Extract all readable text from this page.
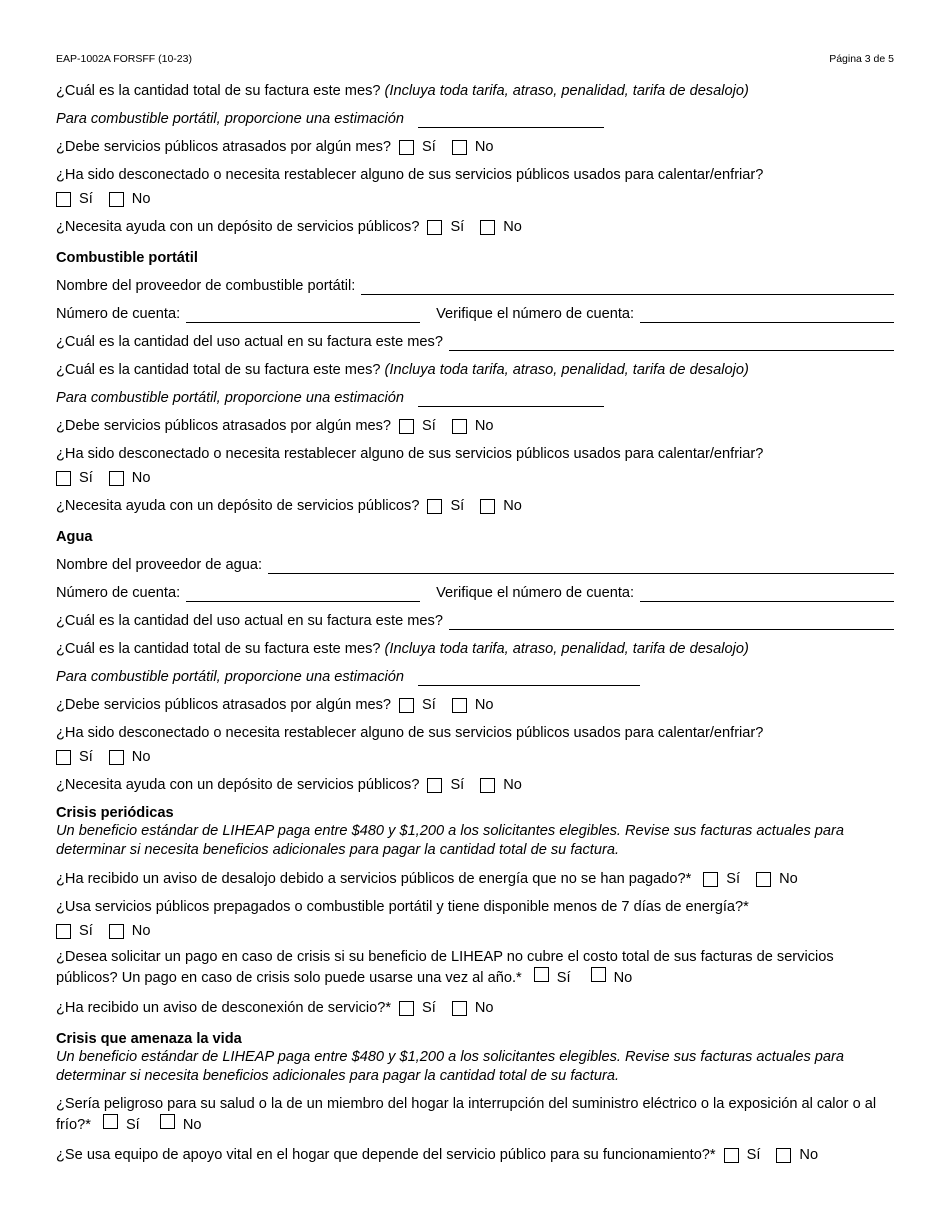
EAP-1002A FORSFF (10-23)	Página 3 de 5
¿Cuál es la cantidad total de su factura este mes?
(Incluya toda tarifa, atraso, penalidad, tarifa de desalojo)
Para combustible portátil, proporcione una estimación
¿Debe servicios públicos atrasados por algún mes? Sí	No
¿Ha sido desconectado o necesita restablecer alguno de sus servicios públicos usados para calentar/enfriar?
Sí	No
¿Necesita ayuda con un depósito de servicios públicos? Sí	No
Combustible portátil
Nombre del proveedor de combustible portátil:
Número de cuenta:	Verifique el número de cuenta:
¿Cuál es la cantidad del uso actual en su factura este mes?
¿Cuál es la cantidad total de su factura este mes?
(Incluya toda tarifa, atraso, penalidad, tarifa de desalojo)
Para combustible portátil, proporcione una estimación
¿Debe servicios públicos atrasados por algún mes? Sí	No
¿Ha sido desconectado o necesita restablecer alguno de sus servicios públicos usados para calentar/enfriar?
Sí	No
¿Necesita ayuda con un depósito de servicios públicos? Sí	No
Agua
Nombre del proveedor de agua:
Número de cuenta:	Verifique el número de cuenta:
¿Cuál es la cantidad del uso actual en su factura este mes?
¿Cuál es la cantidad total de su factura este mes?
(Incluya toda tarifa, atraso, penalidad, tarifa de desalojo)
Para combustible portátil, proporcione una estimación
¿Debe servicios públicos atrasados por algún mes? Sí	No
¿Ha sido desconectado o necesita restablecer alguno de sus servicios públicos usados para calentar/enfriar?
Sí	No
¿Necesita ayuda con un depósito de servicios públicos? Sí	No
Crisis periódicas
Un beneficio estándar de LIHEAP paga entre $480 y $1,200 a los solicitantes elegibles. Revise sus facturas actuales para determinar si necesita beneficios adicionales para pagar la cantidad total de su factura.
¿Ha recibido un aviso de desalojo debido a servicios públicos de energía que no se han pagado?* Sí	No
¿Usa servicios públicos prepagados o combustible portátil y tiene disponible menos de 7 días de energía?*
Sí	No
¿Desea solicitar un pago en caso de crisis si su beneficio de LIHEAP no cubre el costo total de sus facturas de servicios públicos? Un pago en caso de crisis solo puede usarse una vez al año.* Sí	No
¿Ha recibido un aviso de desconexión de servicio?* Sí	No
Crisis que amenaza la vida
Un beneficio estándar de LIHEAP paga entre $480 y $1,200 a los solicitantes elegibles. Revise sus facturas actuales para determinar si necesita beneficios adicionales para pagar la cantidad total de su factura.
¿Sería peligroso para su salud o la de un miembro del hogar la interrupción del suministro eléctrico o la exposición al calor o al frío?* Sí	No
¿Se usa equipo de apoyo vital en el hogar que depende del servicio público para su funcionamiento?* Sí	No
